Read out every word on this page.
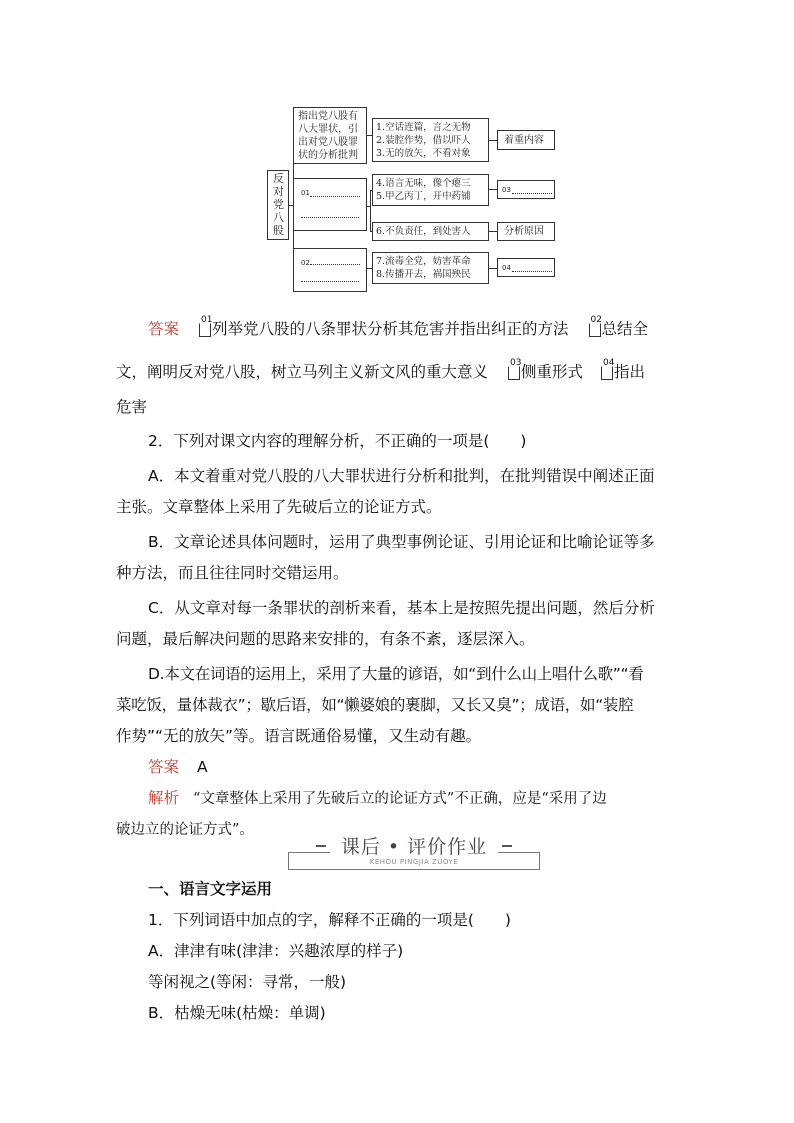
反
对
党
八
股
指出党八股有
八大罪状，引
出对党八股罪
状的分析批判
01
02
1.空话连篇，言之无物
2.装腔作势，借以吓人
3.无的放矢，不看对象
着重内容
4.语言无味，像个瘪三
5.甲乙丙丁，开中药铺
03
6.不负责任，到处害人	分析原因
7.流毒全党，妨害革命
8.传播开去，祸国殃民
04
答案 01 列举党八股的八条罪状分析其危害并指出纠正的方法 02 总结全
文，阐明反对党八股，树立马列主义新文风的重大意义 03 侧重形式 04 指出
危害
2．下列对课文内容的理解分析，不正确的一项是(　　)
A．本文着重对党八股的八大罪状进行分析和批判，在批判错误中阐述正面
主张。文章整体上采用了先破后立的论证方式。
B．文章论述具体问题时，运用了典型事例论证、引用论证和比喻论证等多
种方法，而且往往同时交错运用。
C．从文章对每一条罪状的剖析来看，基本上是按照先提出问题，然后分析
问题，最后解决问题的思路来安排的，有条不紊，逐层深入。
D.本文在词语的运用上，采用了大量的谚语，如“到什么山上唱什么歌”“看
菜吃饭，量体裁衣”；歇后语，如“懒婆娘的裹脚，又长又臭”；成语，如“装腔
作势”“无的放矢”等。语言既通俗易懂，又生动有趣。
答案 A
解析 “文章整体上采用了先破后立的论证方式”不正确，应是“采用了边
破边立的论证方式”。
课后 • 评价作业
KEHOU PINGJIA ZUOYE
一、语言文字运用
1．下列词语中加点的字，解释不正确的一项是(　　)
A．津津有味(津津：兴趣浓厚的样子)
等闲视之(等闲：寻常，一般)
B．枯燥无味(枯燥：单调)
